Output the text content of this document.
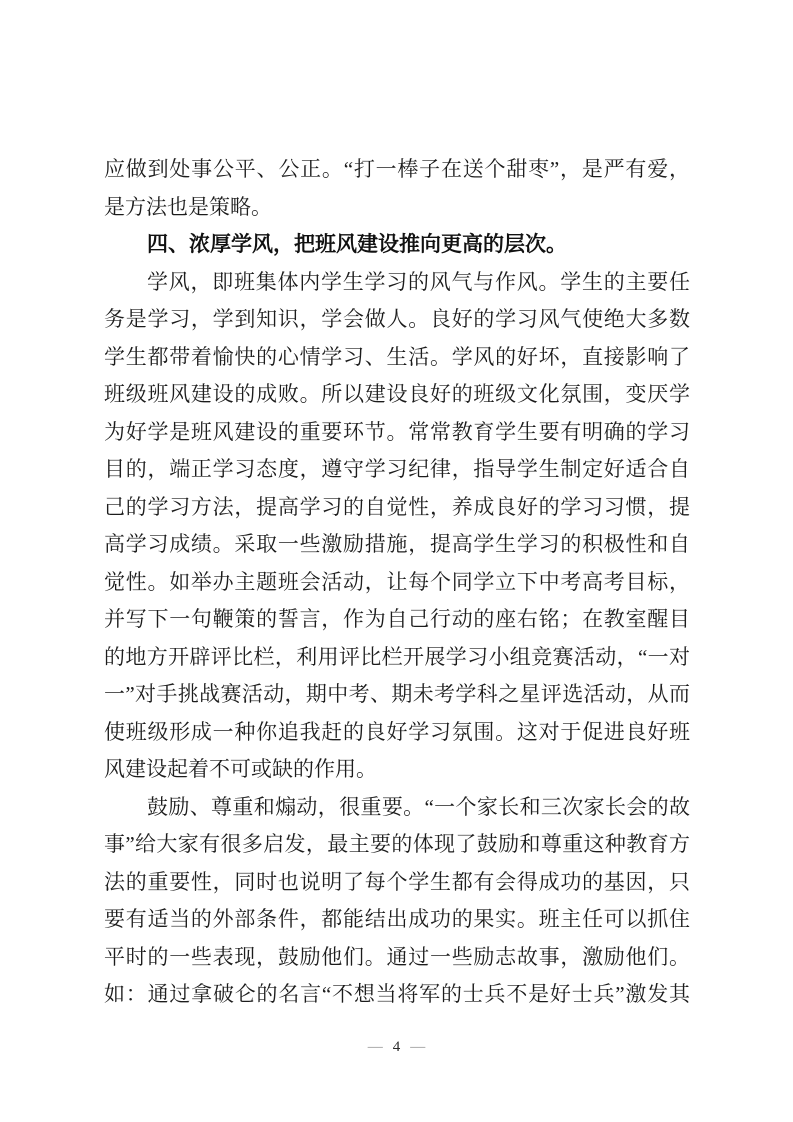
应做到处事公平、公正。“打一棒子在送个甜枣”，是严有爱，
是方法也是策略。
四、浓厚学风，把班风建设推向更高的层次。
学风，即班集体内学生学习的风气与作风。学生的主要任
务是学习，学到知识，学会做人。良好的学习风气使绝大多数
学生都带着愉快的心情学习、生活。学风的好坏，直接影响了
班级班风建设的成败。所以建设良好的班级文化氛围，变厌学
为好学是班风建设的重要环节。常常教育学生要有明确的学习
目的，端正学习态度，遵守学习纪律，指导学生制定好适合自
己的学习方法，提高学习的自觉性，养成良好的学习习惯，提
高学习成绩。采取一些激励措施，提高学生学习的积极性和自
觉性。如举办主题班会活动，让每个同学立下中考高考目标，
并写下一句鞭策的誓言，作为自己行动的座右铭；在教室醒目
的地方开辟评比栏，利用评比栏开展学习小组竞赛活动，“一对
一”对手挑战赛活动，期中考、期未考学科之星评选活动，从而
使班级形成一种你追我赶的良好学习氛围。这对于促进良好班
风建设起着不可或缺的作用。
鼓励、尊重和煽动，很重要。“一个家长和三次家长会的故
事”给大家有很多启发，最主要的体现了鼓励和尊重这种教育方
法的重要性，同时也说明了每个学生都有会得成功的基因，只
要有适当的外部条件，都能结出成功的果实。班主任可以抓住
平时的一些表现，鼓励他们。通过一些励志故事，激励他们。
如：通过拿破仑的名言“不想当将军的士兵不是好士兵”激发其
— 4 —
